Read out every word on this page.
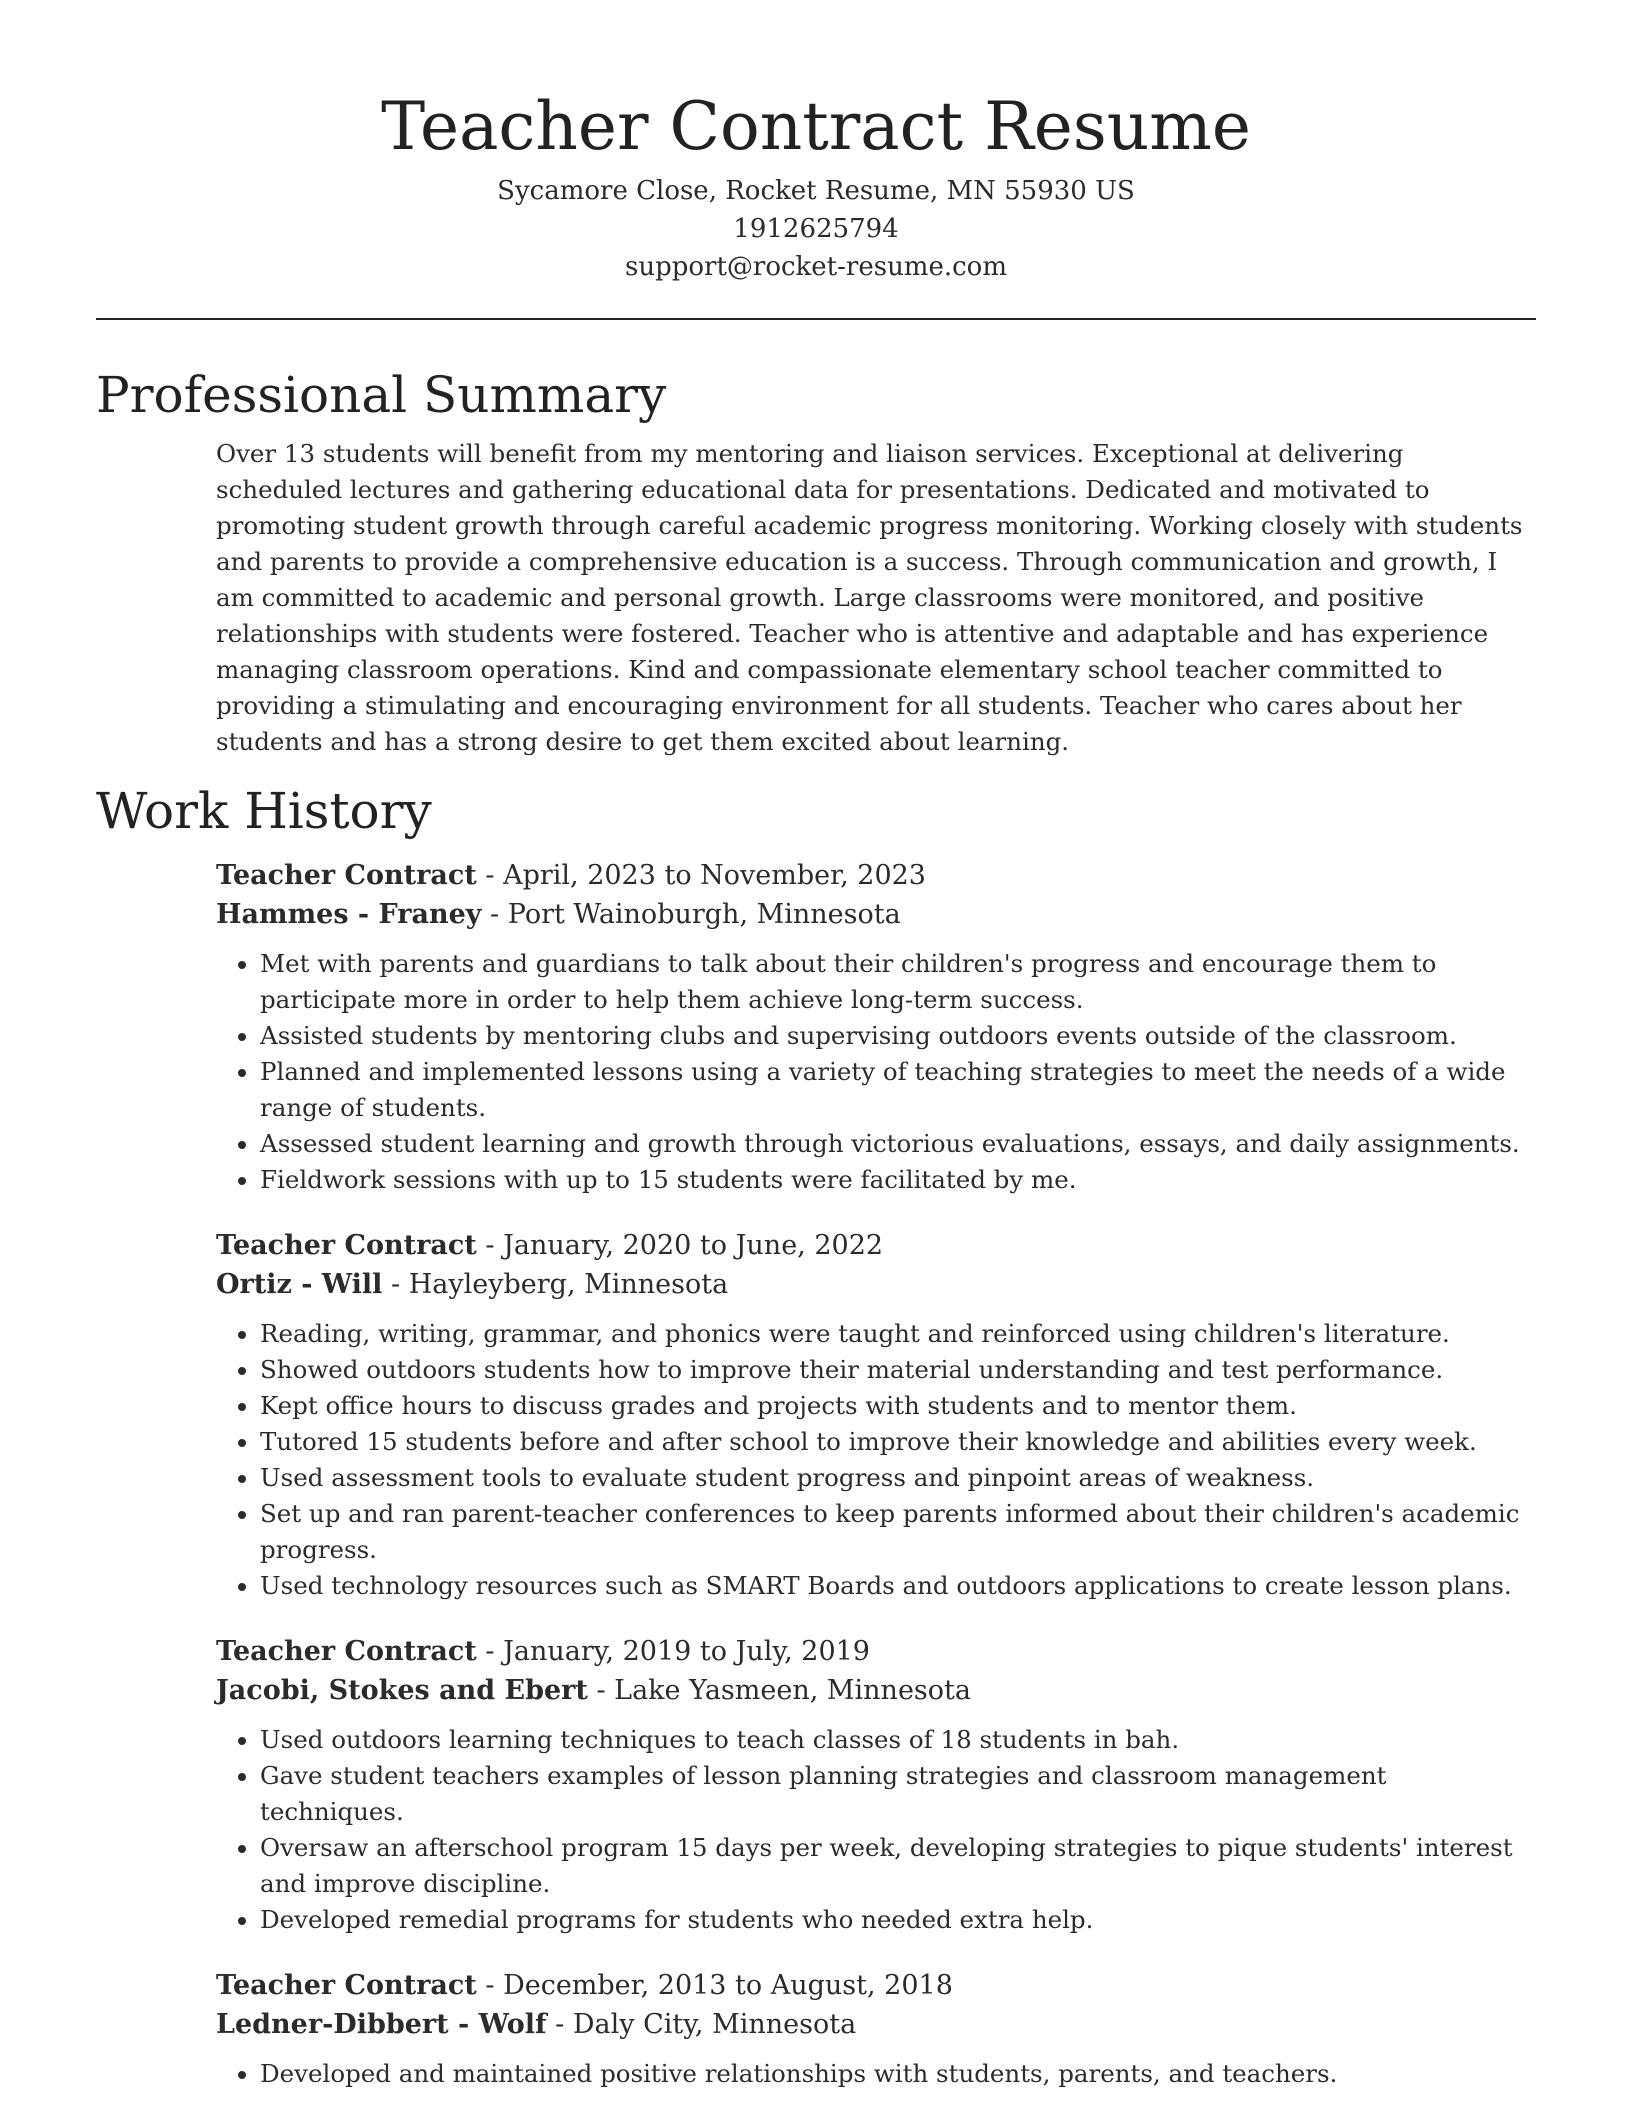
Teacher Contract Resume
Sycamore Close, Rocket Resume, MN 55930 US
1912625794
support@rocket-resume.com
Professional Summary
Over 13 students will benefit from my mentoring and liaison services. Exceptional at delivering scheduled lectures and gathering educational data for presentations. Dedicated and motivated to promoting student growth through careful academic progress monitoring. Working closely with students and parents to provide a comprehensive education is a success. Through communication and growth, I am committed to academic and personal growth. Large classrooms were monitored, and positive relationships with students were fostered. Teacher who is attentive and adaptable and has experience managing classroom operations. Kind and compassionate elementary school teacher committed to providing a stimulating and encouraging environment for all students. Teacher who cares about her students and has a strong desire to get them excited about learning.
Work History
Teacher Contract - April, 2023 to November, 2023
Hammes - Franey - Port Wainoburgh, Minnesota
• Met with parents and guardians to talk about their children's progress and encourage them to participate more in order to help them achieve long-term success.
• Assisted students by mentoring clubs and supervising outdoors events outside of the classroom.
• Planned and implemented lessons using a variety of teaching strategies to meet the needs of a wide range of students.
• Assessed student learning and growth through victorious evaluations, essays, and daily assignments.
• Fieldwork sessions with up to 15 students were facilitated by me.
Teacher Contract - January, 2020 to June, 2022
Ortiz - Will - Hayleyberg, Minnesota
• Reading, writing, grammar, and phonics were taught and reinforced using children's literature.
• Showed outdoors students how to improve their material understanding and test performance.
• Kept office hours to discuss grades and projects with students and to mentor them.
• Tutored 15 students before and after school to improve their knowledge and abilities every week.
• Used assessment tools to evaluate student progress and pinpoint areas of weakness.
• Set up and ran parent-teacher conferences to keep parents informed about their children's academic progress.
• Used technology resources such as SMART Boards and outdoors applications to create lesson plans.
Teacher Contract - January, 2019 to July, 2019
Jacobi, Stokes and Ebert - Lake Yasmeen, Minnesota
• Used outdoors learning techniques to teach classes of 18 students in bah.
• Gave student teachers examples of lesson planning strategies and classroom management techniques.
• Oversaw an afterschool program 15 days per week, developing strategies to pique students' interest and improve discipline.
• Developed remedial programs for students who needed extra help.
Teacher Contract - December, 2013 to August, 2018
Ledner-Dibbert - Wolf - Daly City, Minnesota
• Developed and maintained positive relationships with students, parents, and teachers.
